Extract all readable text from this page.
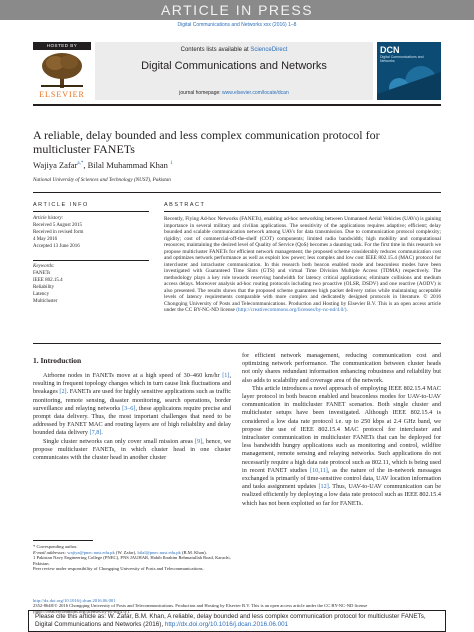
ARTICLE IN PRESS
Digital Communications and Networks xxx (2016) 1–8
HOSTED BY
ELSEVIER
Contents lists available at ScienceDirect
Digital Communications and Networks
journal homepage: www.elsevier.com/locate/dcan
DCN
Digital Communications and Networks
A reliable, delay bounded and less complex communication protocol for multicluster FANETs
Wajiya Zafar$^{a,*}$, Bilal Muhammad Khan $^1$
National University of Sciences and Technology (NUST), Pakistan
ARTICLE INFO
Article history:
Received 5 August 2015
Received in revised form
4 May 2016
Accepted 13 June 2016
Keywords:
FANETs
IEEE 802.15.4
Reliability
Latency
Multicluster
ABSTRACT
Recently, Flying Ad-hoc Networks (FANETs), enabling ad-hoc networking between Unmanned Aerial Vehicles (UAVs) is gaining importance in several military and civilian applications. The sensitivity of the applications requires adaptive; efficient; delay bounded and scalable communication network among UAVs for data transmission. Due to communication protocol complexity; rigidity; cost of commercial-off-the-shelf (COT) components; limited radio bandwidth; high mobility and computational resources; maintaining the desired level of Quality of Service (QoS) becomes a daunting task. For the first time in this research we propose multicluster FANETs for efficient network management; the proposed scheme considerably reduces communication cost and optimizes network performance as well as exploit low power; less complex and low cost IEEE 802.15.4 (MAC) protocol for intercluster and intracluster communication. In this research both beacon enabled mode and beaconless modes have been investigated with Guaranteed Time Slots (GTS) and virtual Time Division Multiple Access (TDMA) respectively. The methodology plays a key role towards reserving bandwidth for latency critical applications; eliminate collisions and medium access delays. Moreover analysis ad-hoc routing protocols including two proactive (OLSR, DSDV) and one reactive (AODV) is also presented. The results shows that the proposed scheme guarantees high packet delivery ratios while maintaining acceptable levels of latency requirements comparable with more complex and dedicatedly designed protocols in literature. © 2016 Chongqing University of Posts and Telecommunications. Production and Hosting by Elsevier B.V. This is an open access article under the CC BY-NC-ND license (http://creativecommons.org/licenses/by-nc-nd/4.0/).
1. Introduction

Airborne nodes in FANETs move at a high speed of 30–460 km/hr [1], resulting in frequent topology changes which in turn cause link fluctuations and breakages [2]. FANETs are used for highly sensitive applications such as traffic monitoring, remote sensing, disaster monitoring, search operations, border surveillance and relaying networks [3–6], these applicaions require precise and prompt data delivery. Thus, the most important challenges that need to be addressed by FANET MAC and routing layers are of high reliability and delay bounded data delivery [7,8].

Single cluster networks can only cover small mission areas [9], hence, we propose multicluster FANETs, in which cluster head in one cluster communicates with the cluster head in another cluster

for efficient network management, reducing communication cost and optimizing network performance. The communication between cluster heads not only shares redundant information enhancing robustness and reliability but also adds to scalability and coverage area of the network.

This article introduces a novel approach of employing IEEE 802.15.4 MAC layer protocol in both beacon enabled and beaconless modes for UAV-to-UAV communication in multicluster FANET scenarios. Both single cluster and multicluster setups have been investigated. Although IEEE 802.15.4 is considered a low data rate protocol i.e. up to 250 kbps at 2.4 GHz band, we propose the use of IEEE 802.15.4 MAC protocol for intercluster and intracluster communication in multicluster FANETs that can be deployed for less bandwidth hungry applications such as monitoring and control, wildfire management, remote sensing and relaying networks. Such applications do not necessarily require a high data rate protocol such as 802.11, which is being used in recent FANET studies [10,11], as the nature of the in-network messages exchanged is primarily of time-sensitive control data, UAV location information and tasks assignment updates [12]. Thus, UAV-to-UAV communication can be realized efficiently by deploying a low data rate protocol such as IEEE 802.15.4 which has not been exploited so far for FANETs.

* Corresponding author.
E-mail addresses: wajiya@pnec.nust.edu.pk (W. Zafar), bilal@pnec.nust.edu.pk (B.M. Khan).
1 Pakistan Navy Engineering College (PNEC), PNS JAUHAR, Habib Ibrahim Rehmatullah Road, Karachi, Pakistan.
Peer review under responsibility of Chongqing University of Posts and Telecommunications.
http://dx.doi.org/10.1016/j.dcan.2016.06.001
2352-8648/© 2016 Chongqing University of Posts and Telecommunications. Production and Hosting by Elsevier B.V. This is an open access article under the CC BY-NC-ND license (http://creativecommons.org/licenses/by-nc-nd/4.0/).
Please cite this article as: W. Zafar, B.M. Khan, A reliable, delay bounded and less complex communication protocol for multicluster FANETs, Digital Communications and Networks (2016), http://dx.doi.org/10.1016/j.dcan.2016.06.001
